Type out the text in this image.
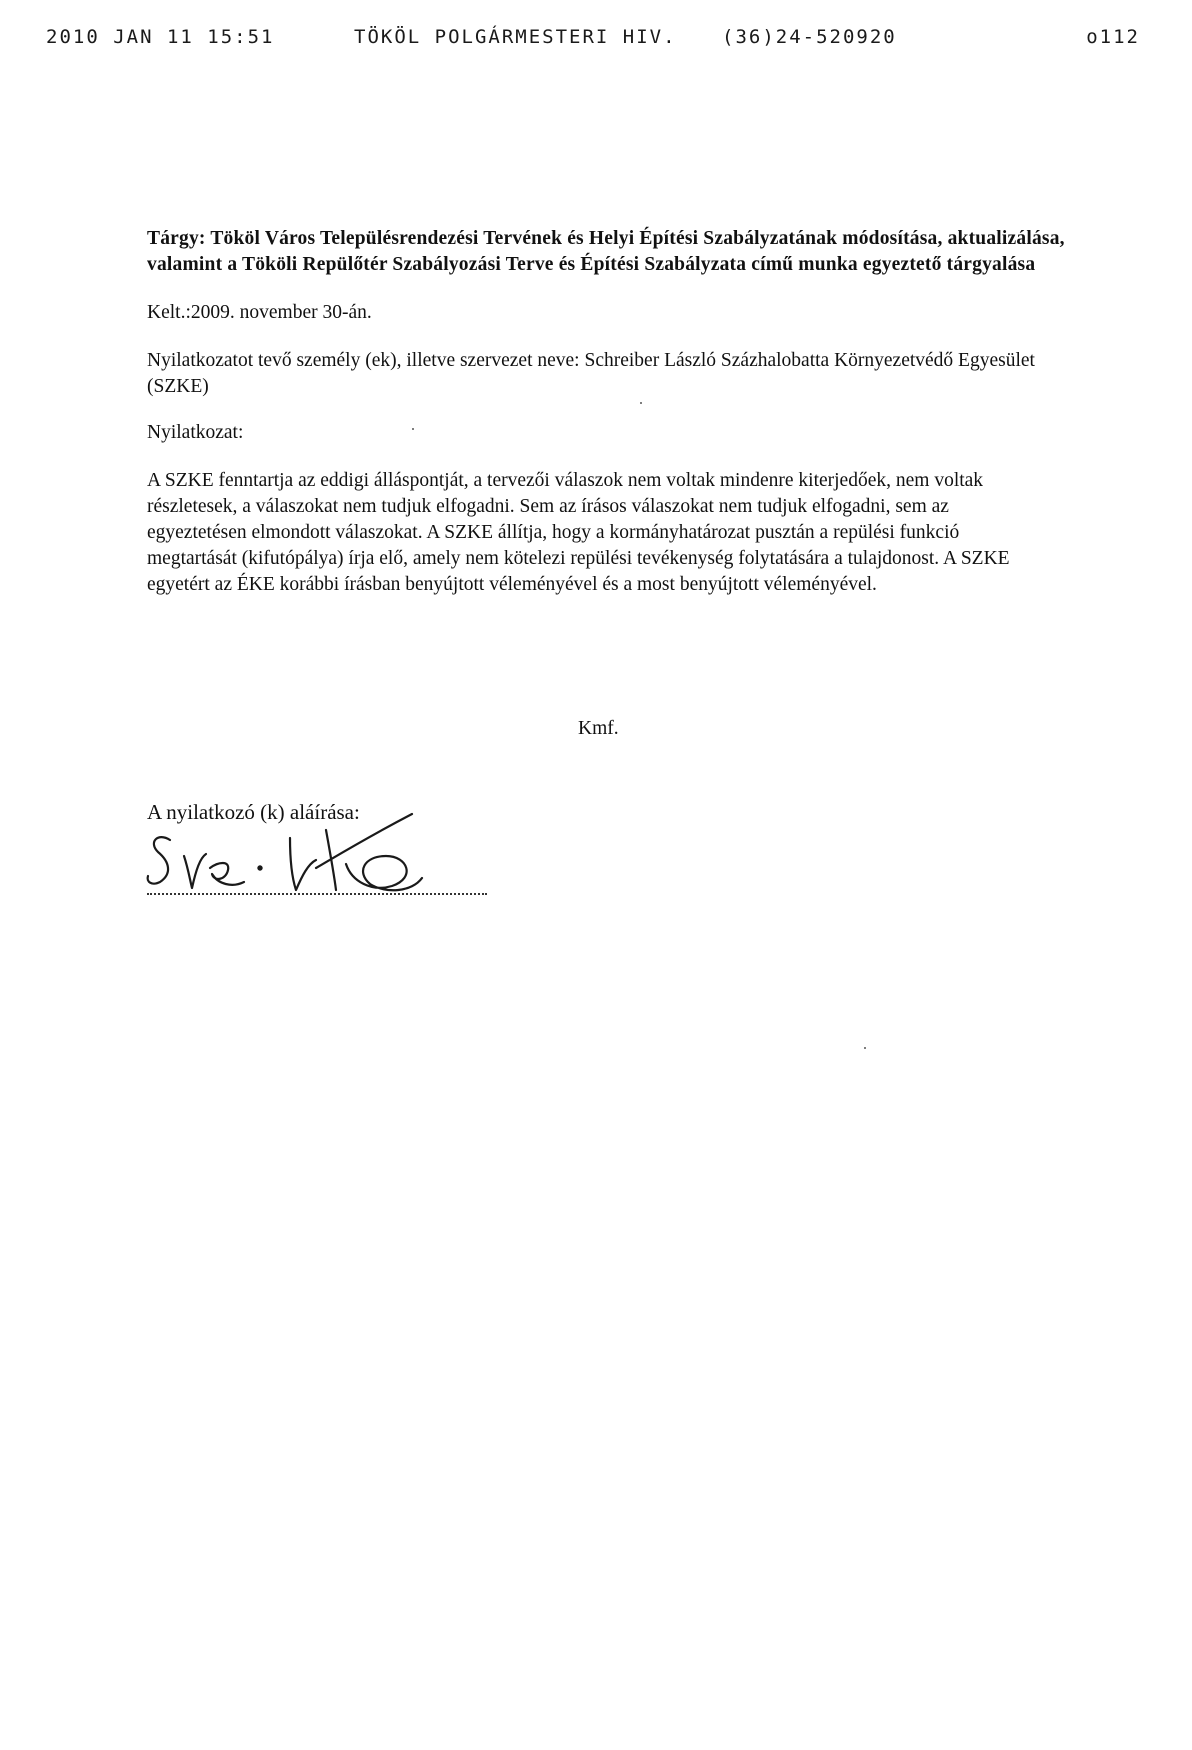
2010 JAN 11 15:51	TÖKÖL POLGÁRMESTERI HIV. (36)24-520920	o112

Tárgy: Tököl Város Településrendezési Tervének és Helyi Építési Szabályzatának módosítása, aktualizálása, valamint a Tököli Repülőtér Szabályozási Terve és Építési Szabályzata című munka egyeztető tárgyalása

Kelt.:2009. november 30-án.

Nyilatkozatot tevő személy (ek), illetve szervezet neve: Schreiber László Százhalobatta Környezetvédő Egyesület (SZKE)

Nyilatkozat:

A SZKE fenntartja az eddigi álláspontját, a tervezői válaszok nem voltak mindenre kiterjedőek, nem voltak részletesek, a válaszokat nem tudjuk elfogadni. Sem az írásos válaszokat nem tudjuk elfogadni, sem az egyeztetésen elmondott válaszokat. A SZKE állítja, hogy a kormányhatározat pusztán a repülési funkció megtartását (kifutópálya) írja elő, amely nem kötelezi repülési tevékenység folytatására a tulajdonost. A SZKE egyetért az ÉKE korábbi írásban benyújtott véleményével és a most benyújtott véleményével.

Kmf.
A nyilatkozó (k) aláírása:
